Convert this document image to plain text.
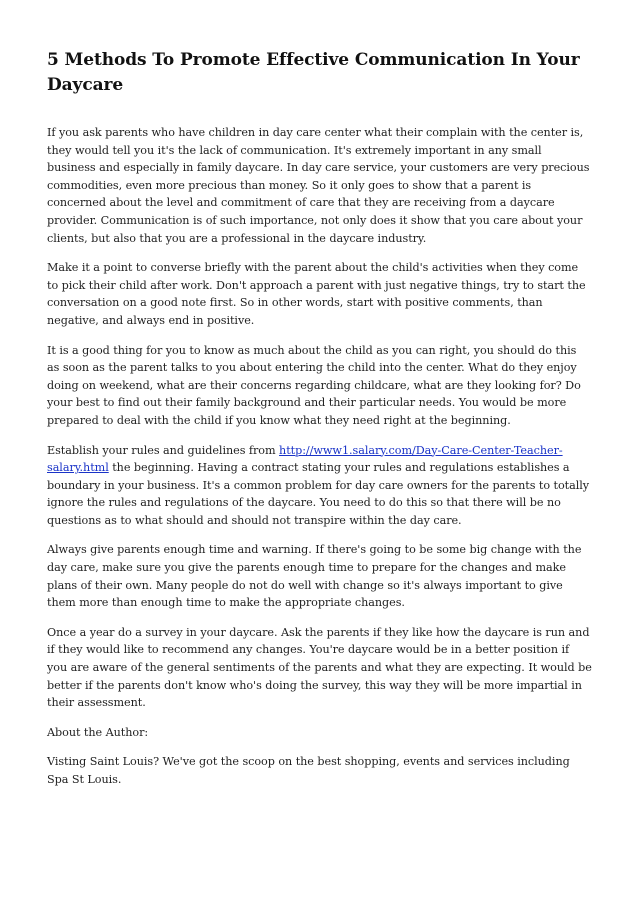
5 Methods To Promote Effective Communication In Your Daycare
If you ask parents who have children in day care center what their complain with the center is, they would tell you it's the lack of communication. It's extremely important in any small business and especially in family daycare. In day care service, your customers are very precious commodities, even more precious than money. So it only goes to show that a parent is concerned about the level and commitment of care that they are receiving from a daycare provider. Communication is of such importance, not only does it show that you care about your clients, but also that you are a professional in the daycare industry.
Make it a point to converse briefly with the parent about the child's activities when they come to pick their child after work. Don't approach a parent with just negative things, try to start the conversation on a good note first. So in other words, start with positive comments, than negative, and always end in positive.
It is a good thing for you to know as much about the child as you can right, you should do this as soon as the parent talks to you about entering the child into the center. What do they enjoy doing on weekend, what are their concerns regarding childcare, what are they looking for? Do your best to find out their family background and their particular needs. You would be more prepared to deal with the child if you know what they need right at the beginning.
Establish your rules and guidelines from http://www1.salary.com/Day-Care-Center-Teacher-salary.html the beginning. Having a contract stating your rules and regulations establishes a boundary in your business. It's a common problem for day care owners for the parents to totally ignore the rules and regulations of the daycare. You need to do this so that there will be no questions as to what should and should not transpire within the day care.
Always give parents enough time and warning. If there's going to be some big change with the day care, make sure you give the parents enough time to prepare for the changes and make plans of their own. Many people do not do well with change so it's always important to give them more than enough time to make the appropriate changes.
Once a year do a survey in your daycare. Ask the parents if they like how the daycare is run and if they would like to recommend any changes. You're daycare would be in a better position if you are aware of the general sentiments of the parents and what they are expecting. It would be better if the parents don't know who's doing the survey, this way they will be more impartial in their assessment.
About the Author:
Visting Saint Louis? We've got the scoop on the best shopping, events and services including Spa St Louis.
